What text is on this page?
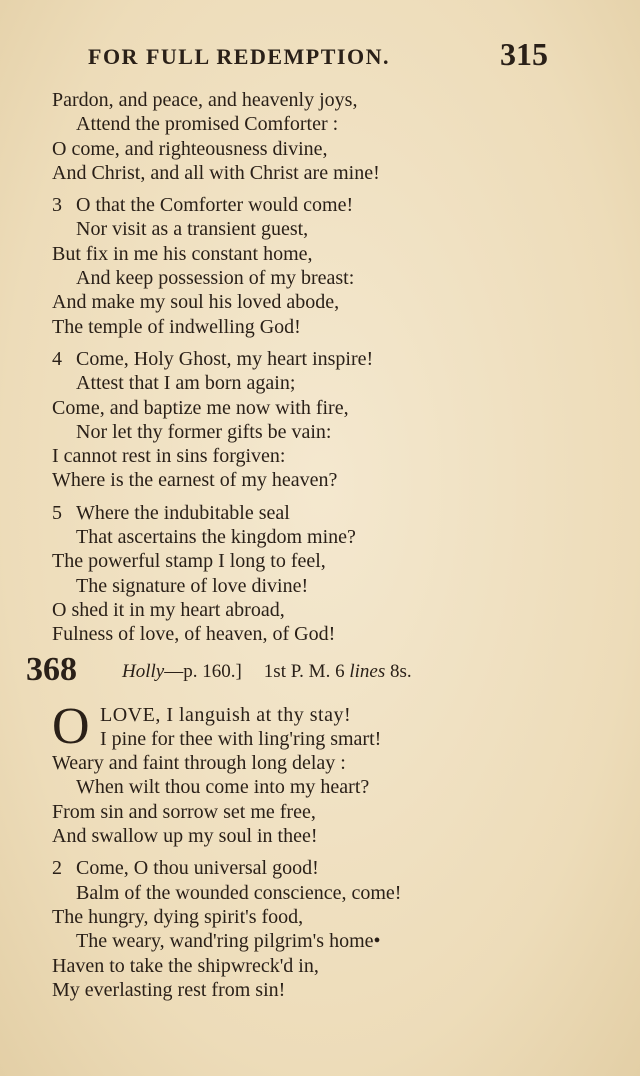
FOR FULL REDEMPTION.	315
Pardon, and peace, and heavenly joys,
Attend the promised Comforter :
O come, and righteousness divine,
And Christ, and all with Christ are mine!
3 O that the Comforter would come!
Nor visit as a transient guest,
But fix in me his constant home,
And keep possession of my breast:
And make my soul his loved abode,
The temple of indwelling God!
4 Come, Holy Ghost, my heart inspire!
Attest that I am born again;
Come, and baptize me now with fire,
Nor let thy former gifts be vain:
I cannot rest in sins forgiven:
Where is the earnest of my heaven?
5 Where the indubitable seal
That ascertains the kingdom mine?
The powerful stamp I long to feel,
The signature of love divine!
O shed it in my heart abroad,
Fulness of love, of heaven, of God!
368 Holly—p. 160.] 1st P. M. 6 lines 8s.
O LOVE, I languish at thy stay!
I pine for thee with ling'ring smart!
Weary and faint through long delay :
When wilt thou come into my heart?
From sin and sorrow set me free,
And swallow up my soul in thee!
2 Come, O thou universal good!
Balm of the wounded conscience, come!
The hungry, dying spirit's food,
The weary, wand'ring pilgrim's home•
Haven to take the shipwreck'd in,
My everlasting rest from sin!
